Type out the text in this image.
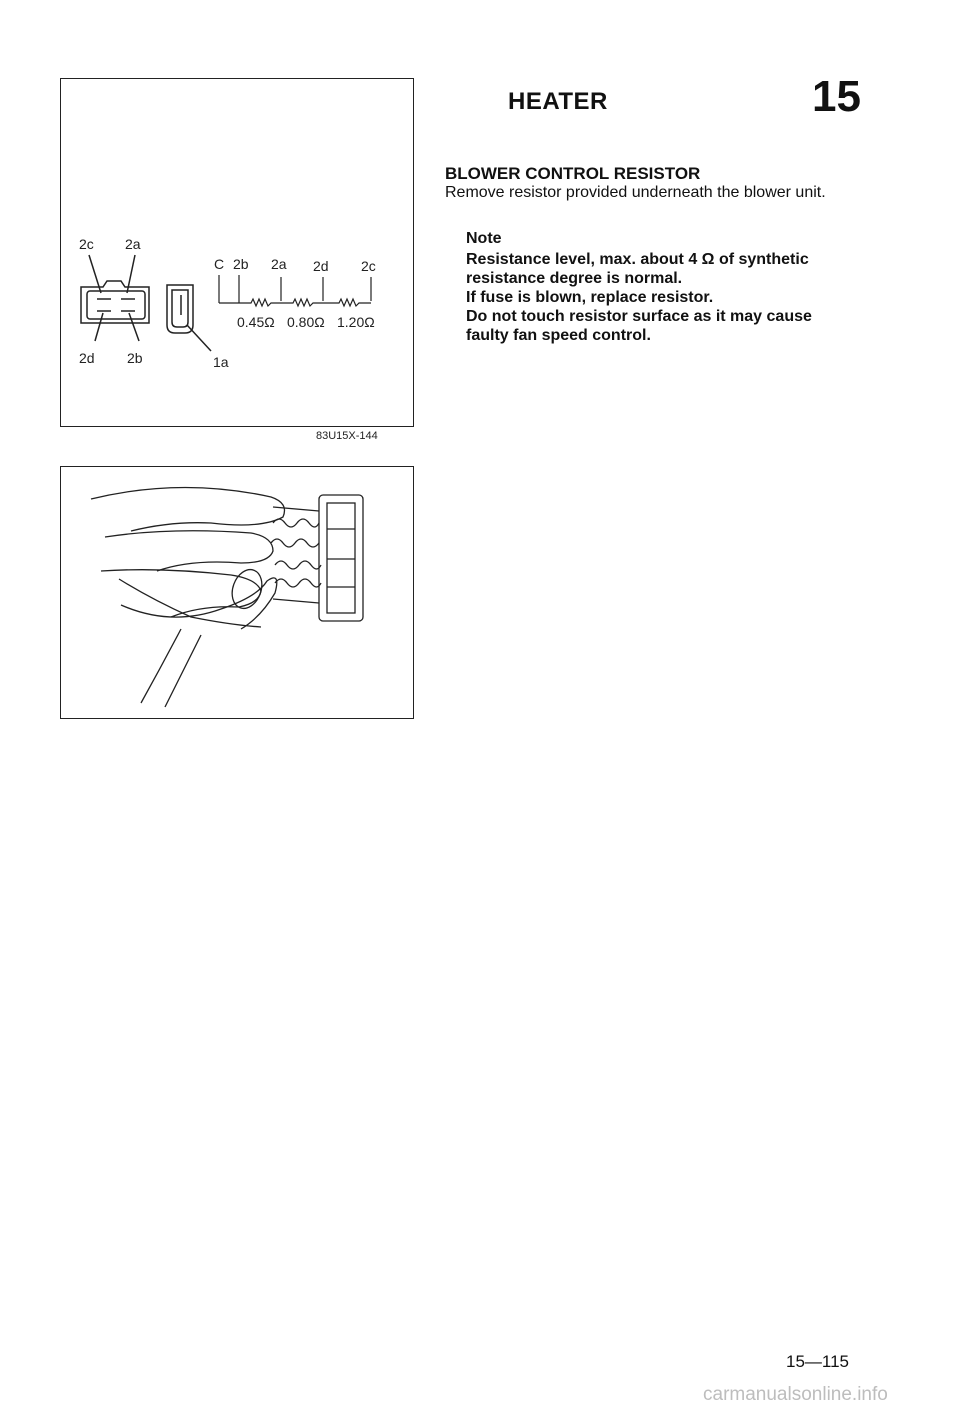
HEATER	15
2c 2a
2d 2b	1a
C 2b 2a 2d 2c
0.45Ω 0.80Ω 1.20Ω
83U15X-144
BLOWER CONTROL RESISTOR
Remove resistor provided underneath the blower unit.
Note
Resistance level, max. about 4 Ω of synthetic
resistance degree is normal.
If fuse is blown, replace resistor.
Do not touch resistor surface as it may cause
faulty fan speed control.
15—115
carmanualsonline.info
